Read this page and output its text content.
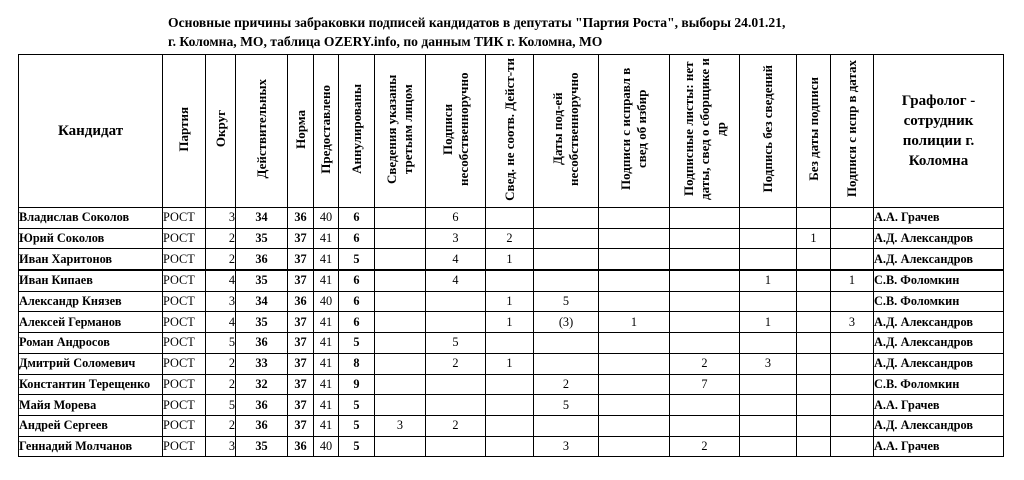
Основные причины забраковки подписей кандидатов в депутаты "Партия Роста", выборы 24.01.21,
г. Коломна, МО, таблица OZERY.info, по данным ТИК г. Коломна, МО
Кандидат	Партия	Округ	Действительных	Норма	Предоставлено	Аннулированы	Сведения указаны третьим лицом	Подписи несобственноручно	Свед. не соотв. Дейст-ти	Даты под-ей несобственноручно	Подписи с исправл в свед об избир	Подписные листы: нет даты, свед о сборщике и др	Подпись без сведений	Без даты подписи	Подписи с испр в датах	Графолог - сотрудник полиции г. Коломна
Владислав Соколов	РОСТ	3	34	36	40	6		6								А.А. Грачев
Юрий Соколов	РОСТ	2	35	37	41	6		3	2					1		А.Д. Александров
Иван Харитонов	РОСТ	2	36	37	41	5		4	1							А.Д. Александров
Иван Кипаев	РОСТ	4	35	37	41	6		4					1		1	С.В. Фоломкин
Александр Князев	РОСТ	3	34	36	40	6			1	5						С.В. Фоломкин
Алексей Германов	РОСТ	4	35	37	41	6			1	(3)	1		1		3	А.Д. Александров
Роман Андросов	РОСТ	5	36	37	41	5		5								А.Д. Александров
Дмитрий Соломевич	РОСТ	2	33	37	41	8		2	1			2	3			А.Д. Александров
Константин Терещенко	РОСТ	2	32	37	41	9				2		7				С.В. Фоломкин
Майя Морева	РОСТ	5	36	37	41	5				5						А.А. Грачев
Андрей Сергеев	РОСТ	2	36	37	41	5	3	2								А.Д. Александров
Геннадий Молчанов	РОСТ	3	35	36	40	5				3		2				А.А. Грачев
